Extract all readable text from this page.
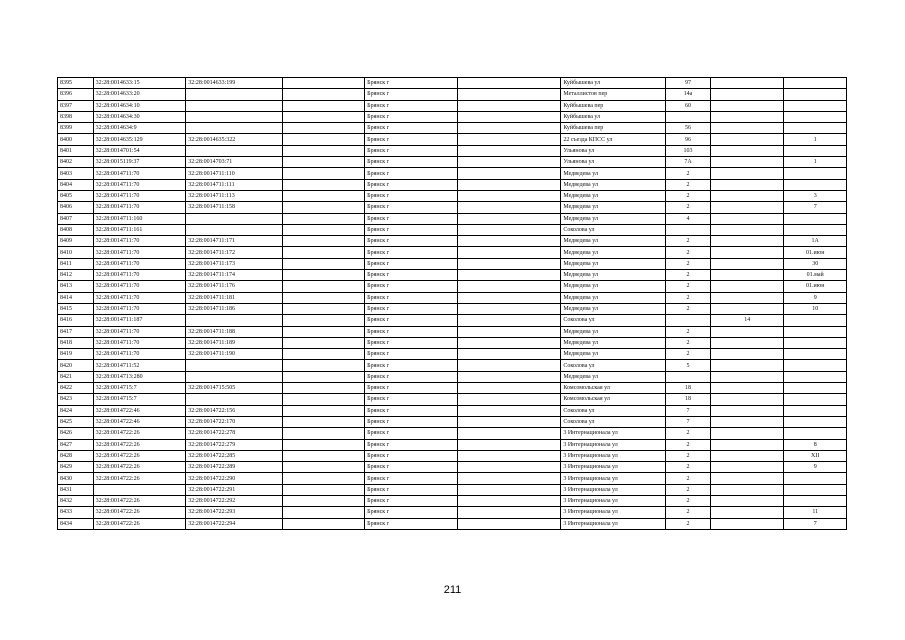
8395	32:28:0014633:15	32:28:0014633:199		Брянск г		Куйбышева ул	97		
8396	32:28:0014633:20			Брянск г		Металлистов пер	14а		
8397	32:28:0014634:10			Брянск г		Куйбышева пер	60		
8398	32:28:0014634:30			Брянск г		Куйбышева ул			
8399	32:28:0014634:9			Брянск г		Куйбышева пер	56		
8400	32:28:0014635:129	32:28:0014635:322		Брянск г		22 съезда КПСС ул	96		1
8401	32:28:0014701:54			Брянск г		Ульянова ул	103		
8402	32:28:0015119:37	32:28:0014703:71		Брянск г		Ульянова ул	7А		1
8403	32:28:0014711:70	32:28:0014711:110		Брянск г		Медведева ул	2		
8404	32:28:0014711:70	32:28:0014711:111		Брянск г		Медведева ул	2		
8405	32:28:0014711:70	32:28:0014711:113		Брянск г		Медведева ул	2		3
8406	32:28:0014711:70	32:28:0014711:158		Брянск г		Медведева ул	2		7
8407	32:28:0014711:160			Брянск г		Медведева ул	4		
8408	32:28:0014711:161			Брянск г		Соколова ул			
8409	32:28:0014711:70	32:28:0014711:171		Брянск г		Медведева ул	2		1А
8410	32:28:0014711:70	32:28:0014711:172		Брянск г		Медведева ул	2		01.июн
8411	32:28:0014711:70	32:28:0014711:173		Брянск г		Медведева ул	2		30
8412	32:28:0014711:70	32:28:0014711:174		Брянск г		Медведева ул	2		01.май
8413	32:28:0014711:70	32:28:0014711:176		Брянск г		Медведева ул	2		01.июн
8414	32:28:0014711:70	32:28:0014711:181		Брянск г		Медведева ул	2		9
8415	32:28:0014711:70	32:28:0014711:186		Брянск г		Медведева ул	2		10
8416	32:28:0014711:187			Брянск г		Соколова ул		14	
8417	32:28:0014711:70	32:28:0014711:188		Брянск г		Медведева ул	2		
8418	32:28:0014711:70	32:28:0014711:189		Брянск г		Медведева ул	2		
8419	32:28:0014711:70	32:28:0014711:190		Брянск г		Медведева ул	2		
8420	32:28:0014711:52			Брянск г		Соколова ул	5		
8421	32:28:0014713:280			Брянск г		Медведева ул			
8422	32:28:0014715:7	32:28:0014715:505		Брянск г		Комсомольская ул	18		
8423	32:28:0014715:7			Брянск г		Комсомольская ул	18		
8424	32:28:0014722:46	32:28:0014722:156		Брянск г		Соколова ул	7		
8425	32:28:0014722:46	32:28:0014722:170		Брянск г		Соколова ул	7		
8426	32:28:0014722:26	32:28:0014722:278		Брянск г		3 Интернационала ул	2		
8427	32:28:0014722:26	32:28:0014722:279		Брянск г		3 Интернационала ул	2		8
8428	32:28:0014722:26	32:28:0014722:285		Брянск г		3 Интернационала ул	2		XII
8429	32:28:0014722:26	32:28:0014722:289		Брянск г		3 Интернационала ул	2		9
8430	32:28:0014722:26	32:28:0014722:290		Брянск г		3 Интернационала ул	2		
8431		32:28:0014722:291		Брянск г		3 Интернационала ул	2		
8432	32:28:0014722:26	32:28:0014722:292		Брянск г		3 Интернационала ул	2		
8433	32:28:0014722:26	32:28:0014722:293		Брянск г		3 Интернационала ул	2		11
8434	32:28:0014722:26	32:28:0014722:294		Брянск г		3 Интернационала ул	2		7
211
